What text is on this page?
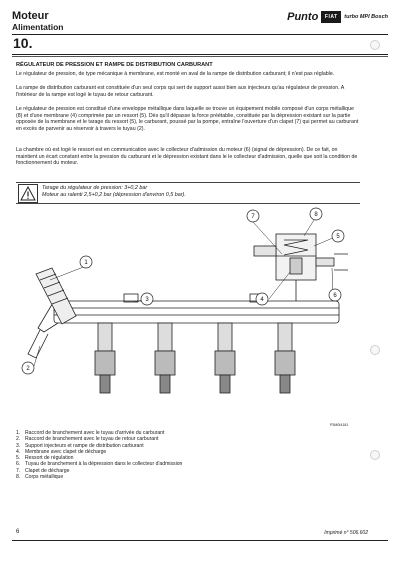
Moteur
Alimentation
Punto	FIAT	turbo MPI Bosch
10.
RÉGULATEUR DE PRESSION ET RAMPE DE DISTRIBUTION CARBURANT
Le régulateur de pression, de type mécanique à membrane, est monté en aval de la rampe de distribution carburant; il n'est pas réglable.
La rampe de distribution carburant est constituée d'un seul corps qui sert de support aussi bien aux injecteurs qu'au régulateur de pression. A l'intérieur de la rampe est logé le tuyau de retour carburant.
Le régulateur de pression est constitué d'une enveloppe métallique dans laquelle se trouve un équipement mobile composé d'un corps métallique (8) et d'une membrane (4) comprimée par un ressort (5). Dès qu'il dépasse la force préétablie, constituée par la dépression existant sur la partie opposée de la membrane et le tarage du ressort (5), le carburant, poussé par la pompe, entraîne l'ouverture d'un clapet (7) qui permet au carburant en excès de parvenir au réservoir à travers le tuyau (2).
La chambre où est logé le ressort est en communication avec le collecteur d'admission du moteur (6) (signal de dépression). De ce fait, on maintient un écart constant entre la pression du carburant et le dépression existant dans le le collecteur d'admission, quelle que soit la condition de fonctionnement du moteur.
Tarage du régulateur de pression: 3+0,2 bar
Moteur au ralenti 2,5+0,2 bar (dépression d'environ 0,5 bar).
1
2
3	4
5
6
7	8
P3M0I4181
1. Raccord de branchement avec le tuyau d'arrivée du carburant
2. Raccord de branchement avec le tuyau de retour carburant
3. Support injecteurs et rampe de distribution carburant
4. Membrane avec clapet de décharge
5. Ressort de régulation
6. Tuyau de branchement à la dépression dans le collecteur d'admission
7. Clapet de décharge
8. Corps métallique
6	Imprimé n° 506.602
